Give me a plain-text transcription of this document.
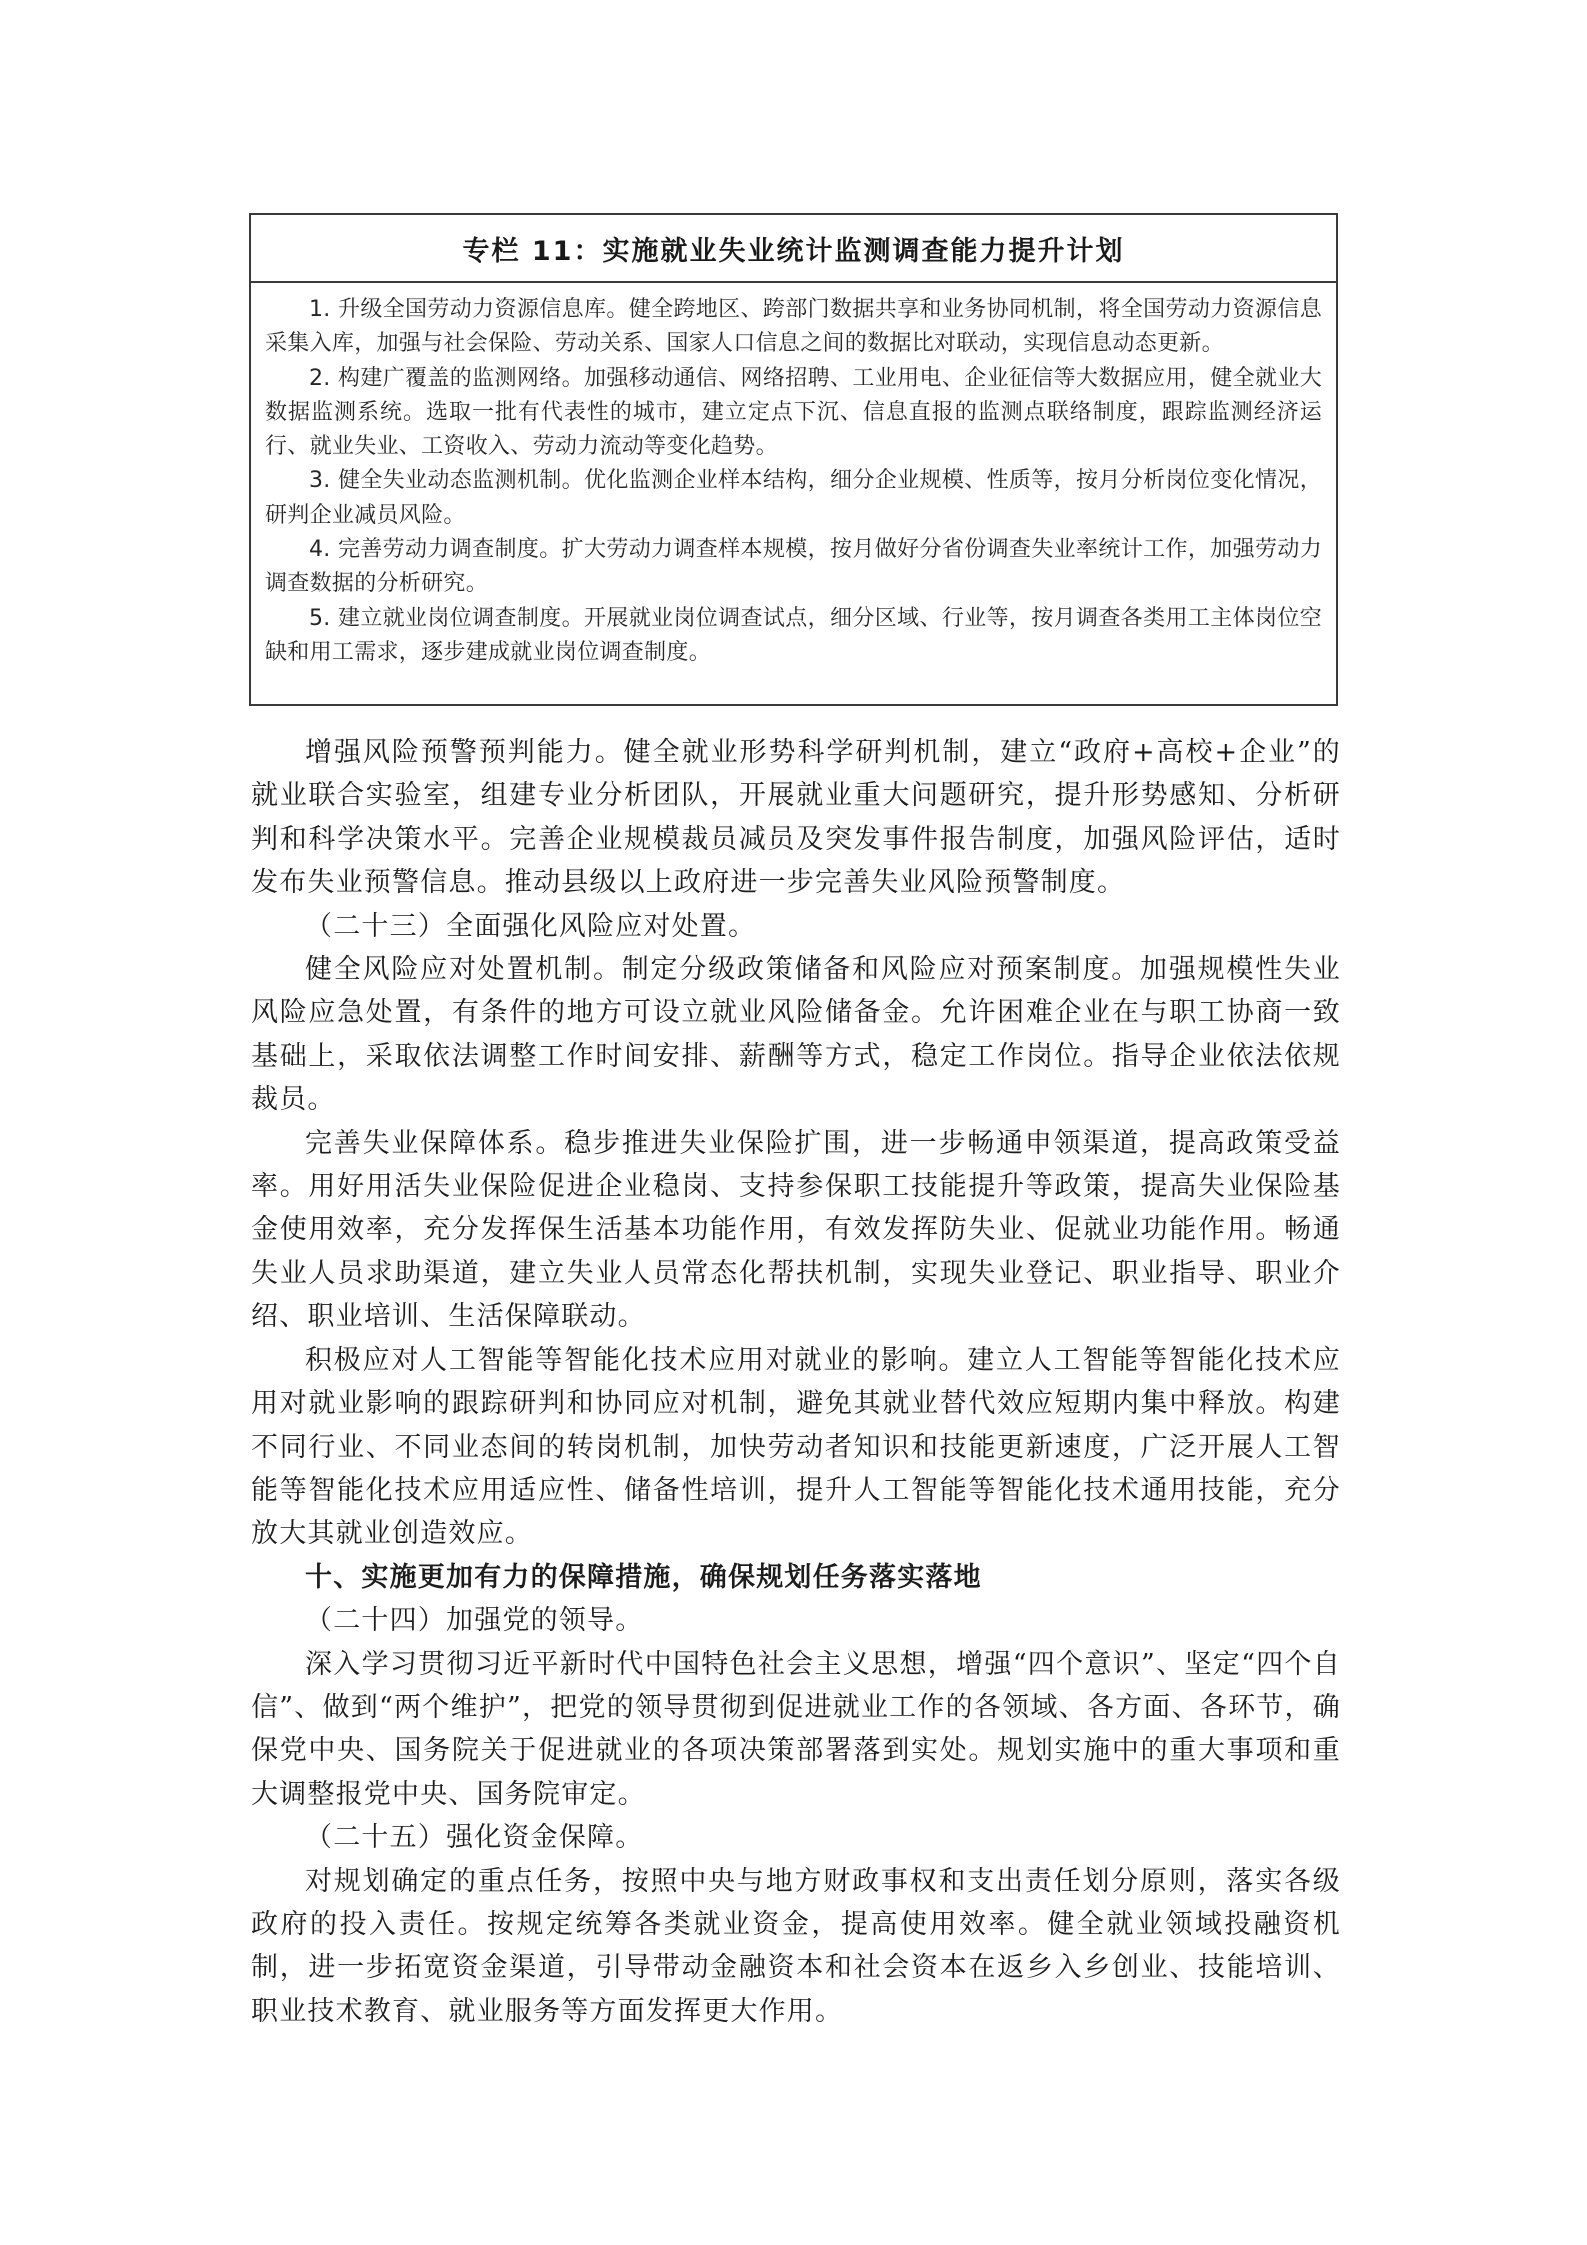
专栏 11：实施就业失业统计监测调查能力提升计划

1. 升级全国劳动力资源信息库。健全跨地区、跨部门数据共享和业务协同机制，将全国劳动力资源信息采集入库，加强与社会保险、劳动关系、国家人口信息之间的数据比对联动，实现信息动态更新。

2. 构建广覆盖的监测网络。加强移动通信、网络招聘、工业用电、企业征信等大数据应用，健全就业大数据监测系统。选取一批有代表性的城市，建立定点下沉、信息直报的监测点联络制度，跟踪监测经济运行、就业失业、工资收入、劳动力流动等变化趋势。

3. 健全失业动态监测机制。优化监测企业样本结构，细分企业规模、性质等，按月分析岗位变化情况，研判企业减员风险。

4. 完善劳动力调查制度。扩大劳动力调查样本规模，按月做好分省份调查失业率统计工作，加强劳动力调查数据的分析研究。

5. 建立就业岗位调查制度。开展就业岗位调查试点，细分区域、行业等，按月调查各类用工主体岗位空缺和用工需求，逐步建成就业岗位调查制度。

增强风险预警预判能力。健全就业形势科学研判机制，建立“政府+高校+企业”的就业联合实验室，组建专业分析团队，开展就业重大问题研究，提升形势感知、分析研判和科学决策水平。完善企业规模裁员减员及突发事件报告制度，加强风险评估，适时发布失业预警信息。推动县级以上政府进一步完善失业风险预警制度。

（二十三）全面强化风险应对处置。

健全风险应对处置机制。制定分级政策储备和风险应对预案制度。加强规模性失业风险应急处置，有条件的地方可设立就业风险储备金。允许困难企业在与职工协商一致基础上，采取依法调整工作时间安排、薪酬等方式，稳定工作岗位。指导企业依法依规裁员。

完善失业保障体系。稳步推进失业保险扩围，进一步畅通申领渠道，提高政策受益率。用好用活失业保险促进企业稳岗、支持参保职工技能提升等政策，提高失业保险基金使用效率，充分发挥保生活基本功能作用，有效发挥防失业、促就业功能作用。畅通失业人员求助渠道，建立失业人员常态化帮扶机制，实现失业登记、职业指导、职业介绍、职业培训、生活保障联动。

积极应对人工智能等智能化技术应用对就业的影响。建立人工智能等智能化技术应用对就业影响的跟踪研判和协同应对机制，避免其就业替代效应短期内集中释放。构建不同行业、不同业态间的转岗机制，加快劳动者知识和技能更新速度，广泛开展人工智能等智能化技术应用适应性、储备性培训，提升人工智能等智能化技术通用技能，充分放大其就业创造效应。

十、实施更加有力的保障措施，确保规划任务落实落地

（二十四）加强党的领导。

深入学习贯彻习近平新时代中国特色社会主义思想，增强“四个意识”、坚定“四个自信”、做到“两个维护”，把党的领导贯彻到促进就业工作的各领域、各方面、各环节，确保党中央、国务院关于促进就业的各项决策部署落到实处。规划实施中的重大事项和重大调整报党中央、国务院审定。

（二十五）强化资金保障。

对规划确定的重点任务，按照中央与地方财政事权和支出责任划分原则，落实各级政府的投入责任。按规定统筹各类就业资金，提高使用效率。健全就业领域投融资机制，进一步拓宽资金渠道，引导带动金融资本和社会资本在返乡入乡创业、技能培训、职业技术教育、就业服务等方面发挥更大作用。
